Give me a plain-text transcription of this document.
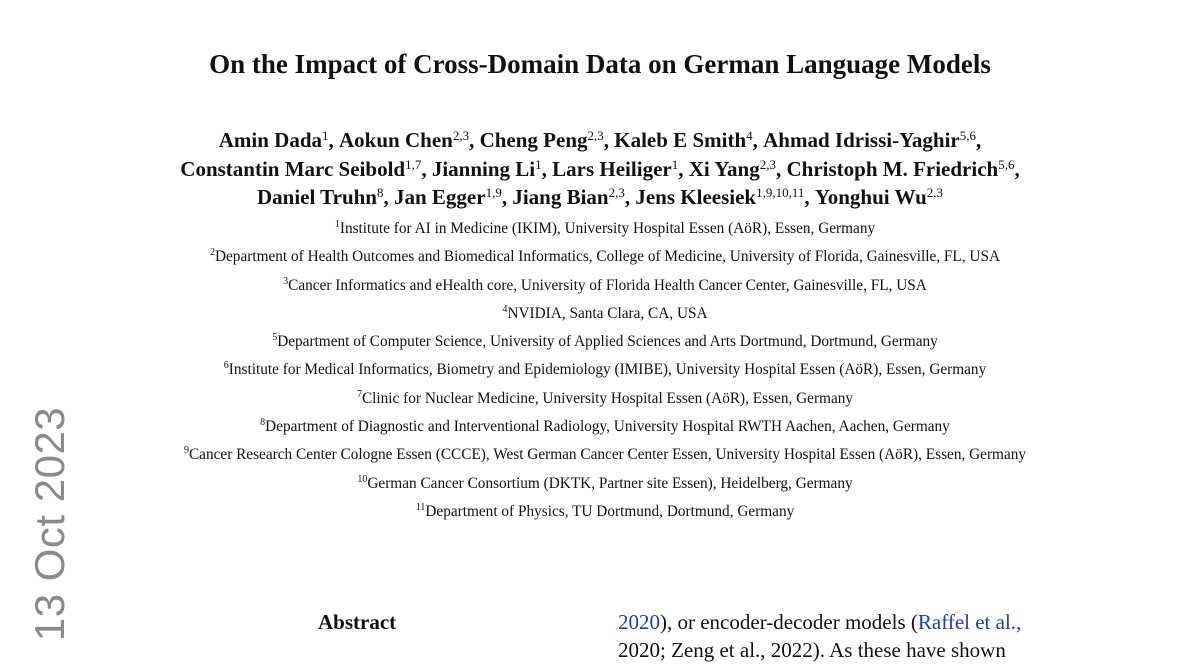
13 Oct 2023
On the Impact of Cross-Domain Data on German Language Models
Amin Dada$^1$, Aokun Chen$^{2,3}$, Cheng Peng$^{2,3}$, Kaleb E Smith$^4$, Ahmad Idrissi-Yaghir$^{5,6}$,
Constantin Marc Seibold$^{1,7}$, Jianning Li$^1$, Lars Heiliger$^1$, Xi Yang$^{2,3}$, Christoph M. Friedrich$^{5,6}$,
Daniel Truhn$^8$, Jan Egger$^{1,9}$, Jiang Bian$^{2,3}$, Jens Kleesiek$^{1,9,10,11}$, Yonghui Wu$^{2,3}$
$^1$Institute for AI in Medicine (IKIM), University Hospital Essen (AöR), Essen, Germany
$^2$Department of Health Outcomes and Biomedical Informatics, College of Medicine, University of Florida, Gainesville, FL, USA
$^3$Cancer Informatics and eHealth core, University of Florida Health Cancer Center, Gainesville, FL, USA
$^4$NVIDIA, Santa Clara, CA, USA
$^5$Department of Computer Science, University of Applied Sciences and Arts Dortmund, Dortmund, Germany
$^6$Institute for Medical Informatics, Biometry and Epidemiology (IMIBE), University Hospital Essen (AöR), Essen, Germany
$^7$Clinic for Nuclear Medicine, University Hospital Essen (AöR), Essen, Germany
$^8$Department of Diagnostic and Interventional Radiology, University Hospital RWTH Aachen, Aachen, Germany
$^9$Cancer Research Center Cologne Essen (CCCE), West German Cancer Center Essen, University Hospital Essen (AöR), Essen, Germany
$^{10}$German Cancer Consortium (DKTK, Partner site Essen), Heidelberg, Germany
$^{11}$Department of Physics, TU Dortmund, Dortmund, Germany
Abstract	2020), or encoder-decoder models (Raffel et al.,
2020; Zeng et al., 2022). As these have shown
